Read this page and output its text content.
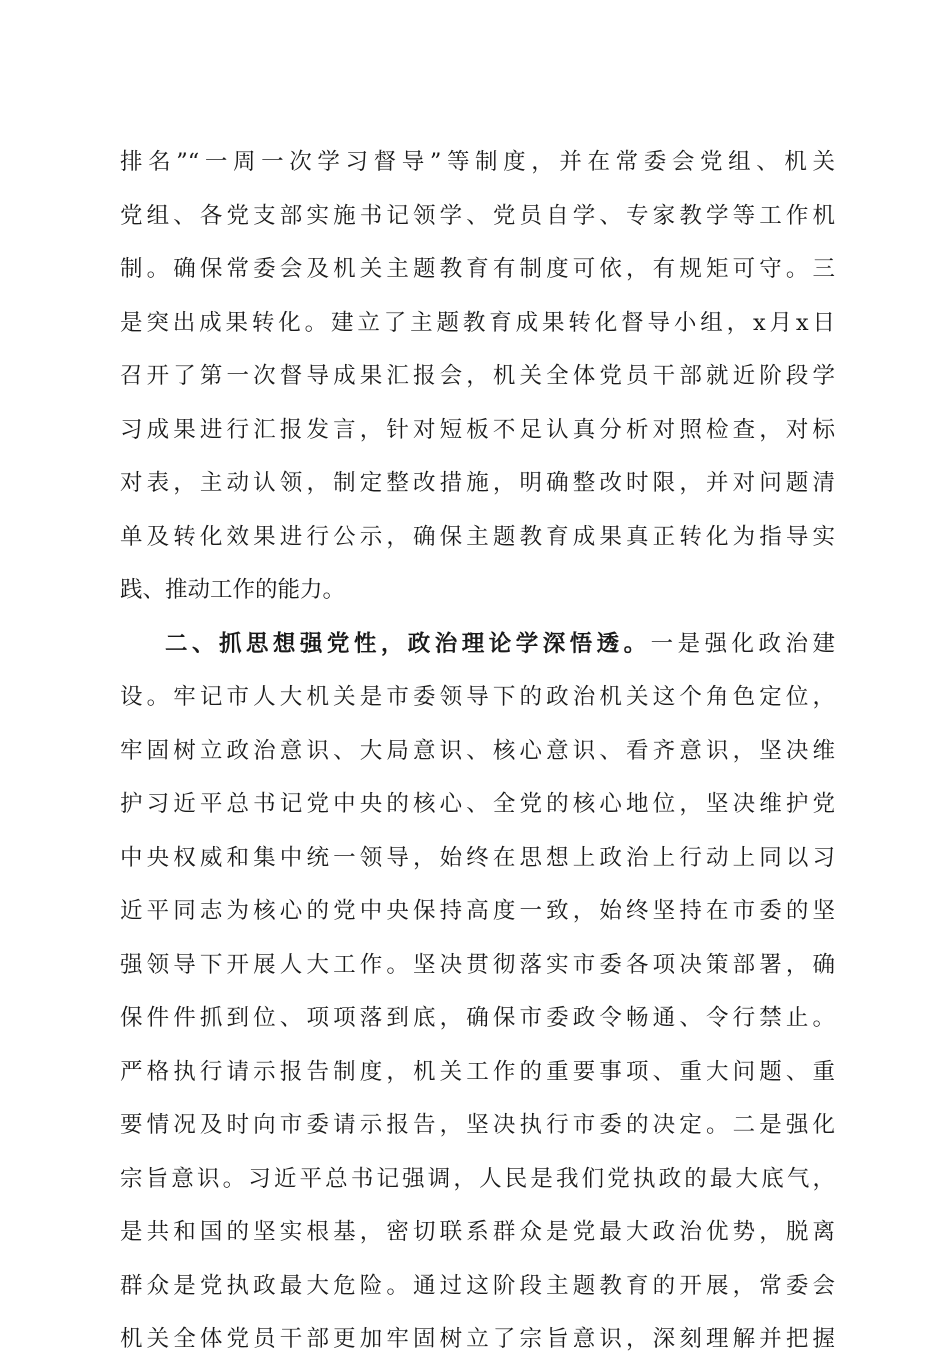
排名”“一周一次学习督导”等制度，并在常委会党组、机关
党组、各党支部实施书记领学、党员自学、专家教学等工作机
制。确保常委会及机关主题教育有制度可依，有规矩可守。三
是突出成果转化。建立了主题教育成果转化督导小组，x月x日
召开了第一次督导成果汇报会，机关全体党员干部就近阶段学
习成果进行汇报发言，针对短板不足认真分析对照检查，对标
对表，主动认领，制定整改措施，明确整改时限，并对问题清
单及转化效果进行公示，确保主题教育成果真正转化为指导实
践、推动工作的能力。
二、抓思想强党性，政治理论学深悟透。一是强化政治建
设。牢记市人大机关是市委领导下的政治机关这个角色定位，
牢固树立政治意识、大局意识、核心意识、看齐意识，坚决维
护习近平总书记党中央的核心、全党的核心地位，坚决维护党
中央权威和集中统一领导，始终在思想上政治上行动上同以习
近平同志为核心的党中央保持高度一致，始终坚持在市委的坚
强领导下开展人大工作。坚决贯彻落实市委各项决策部署，确
保件件抓到位、项项落到底，确保市委政令畅通、令行禁止。
严格执行请示报告制度，机关工作的重要事项、重大问题、重
要情况及时向市委请示报告，坚决执行市委的决定。二是强化
宗旨意识。习近平总书记强调，人民是我们党执政的最大底气，
是共和国的坚实根基，密切联系群众是党最大政治优势，脱离
群众是党执政最大危险。通过这阶段主题教育的开展，常委会
机关全体党员干部更加牢固树立了宗旨意识，深刻理解并把握
